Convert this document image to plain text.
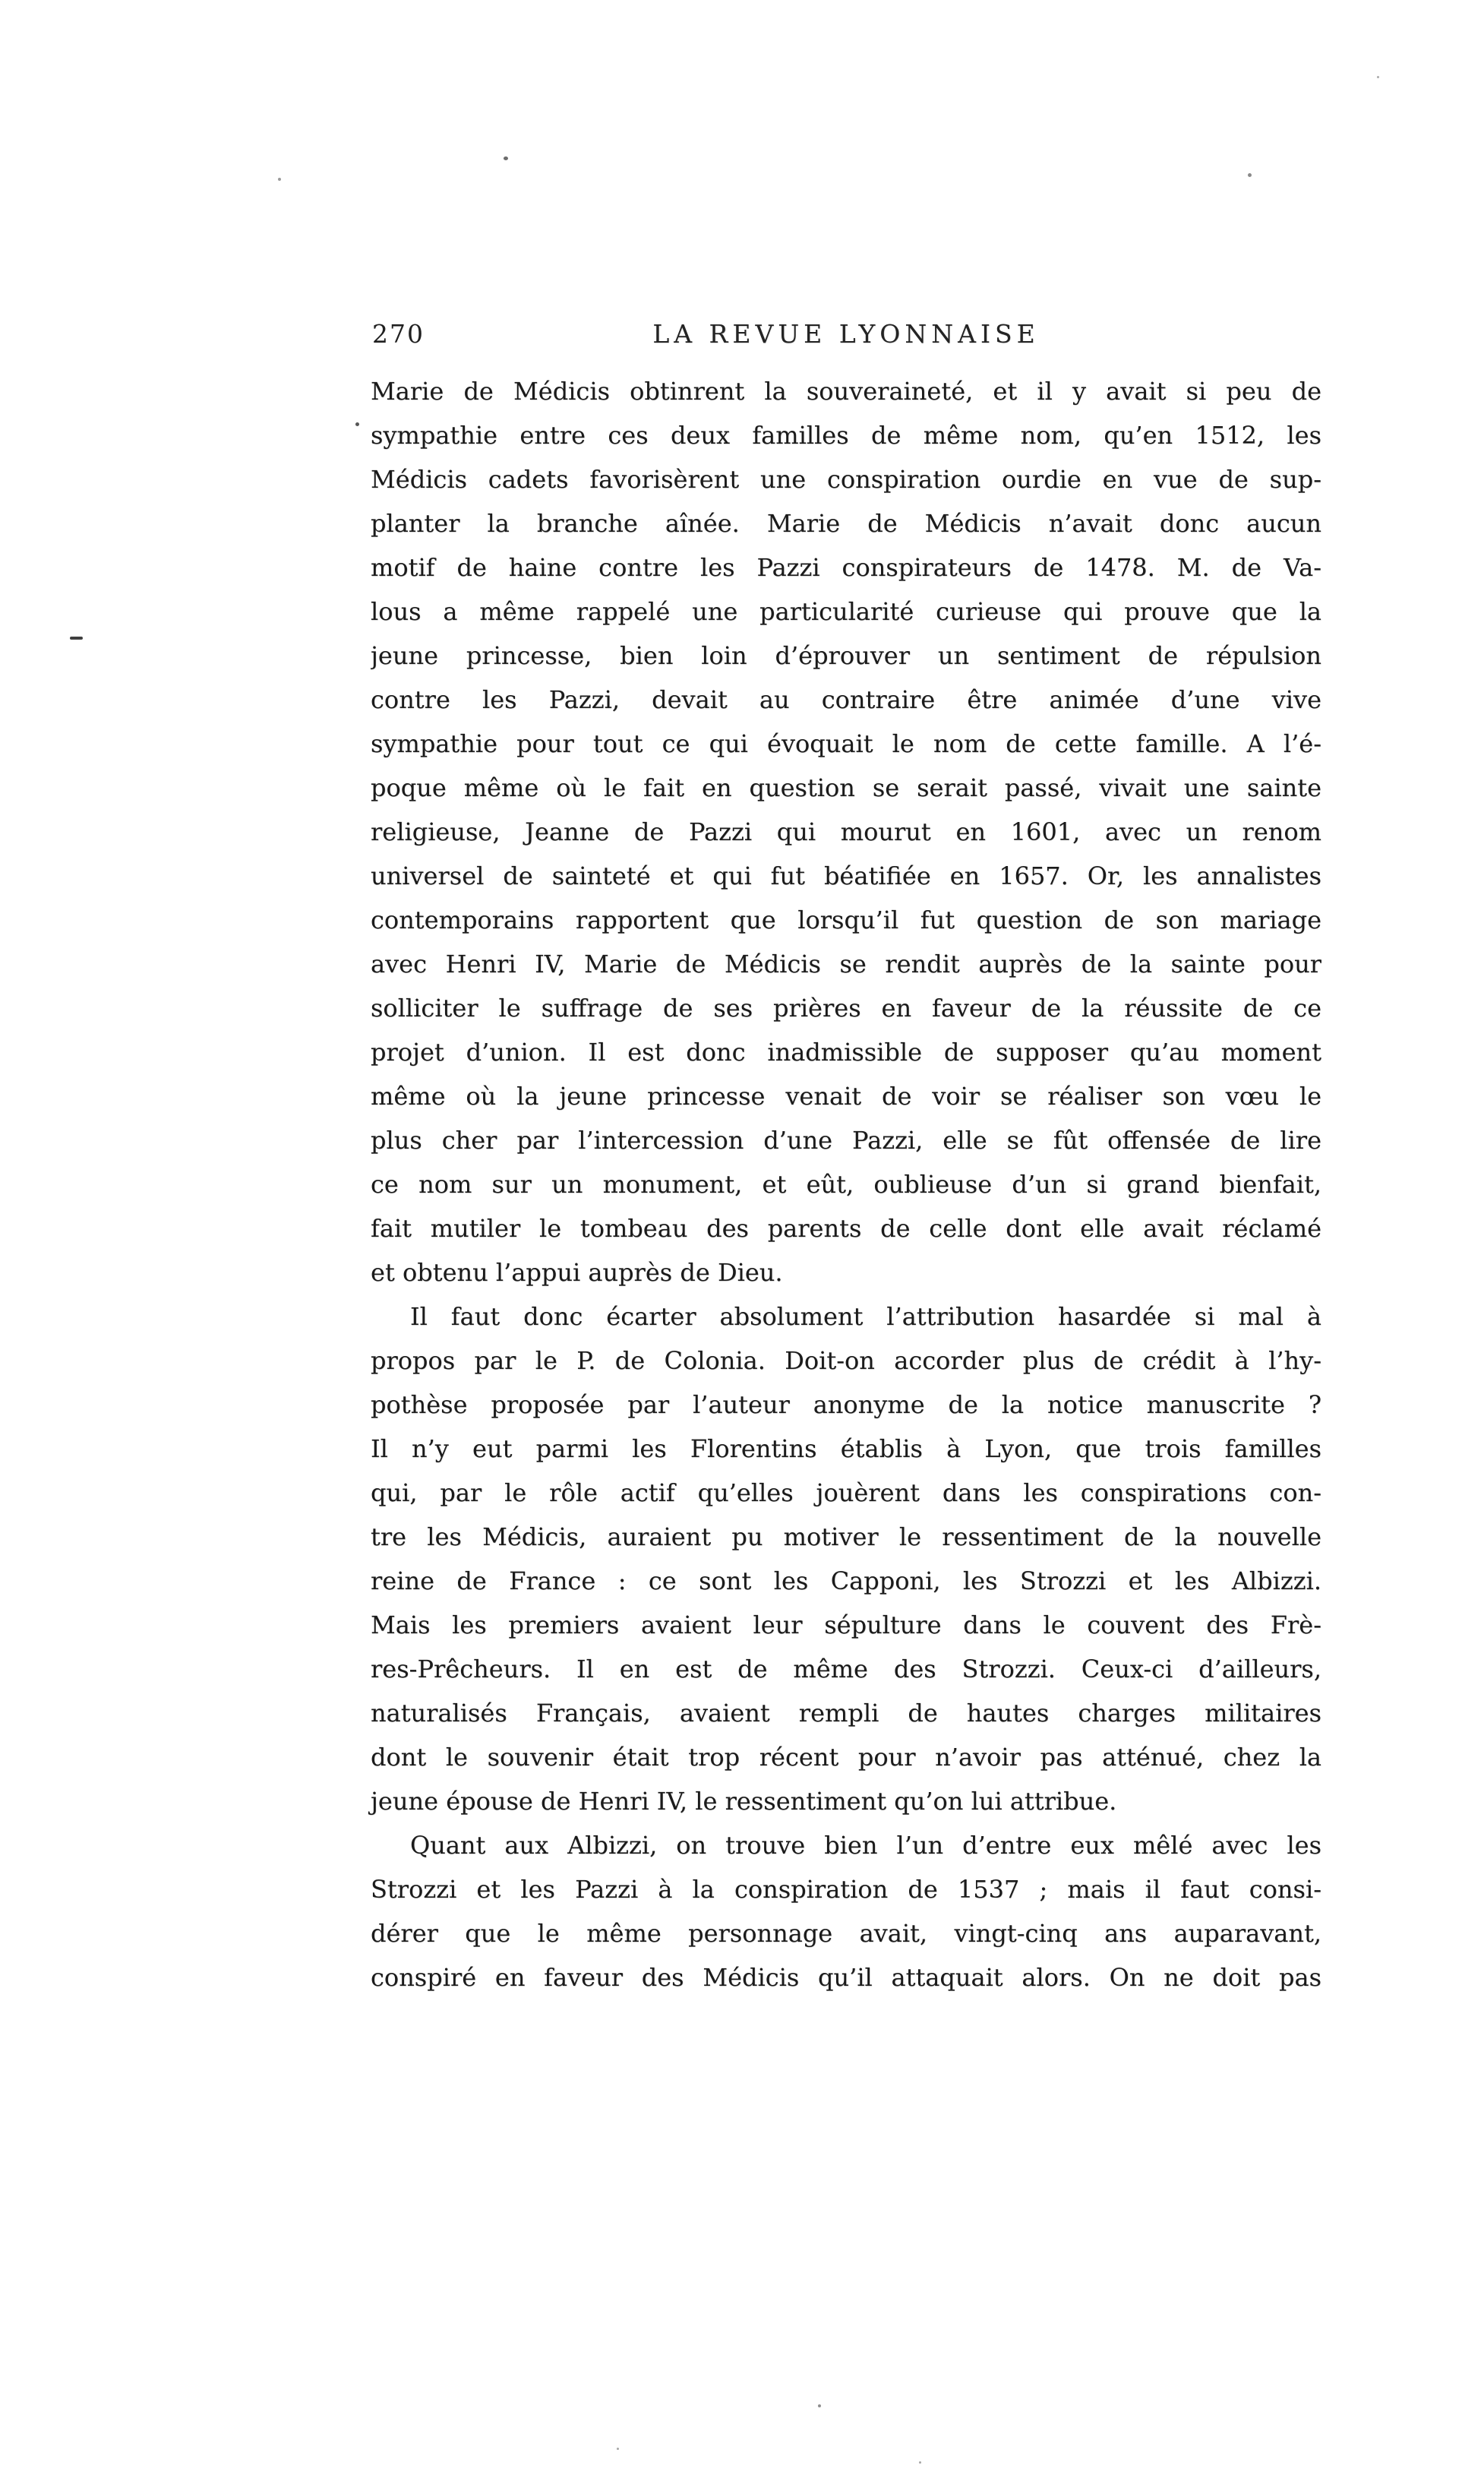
270	LA REVUE LYONNAISE
Marie de Médicis obtinrent la souveraineté, et il y avait si peu de
sympathie entre ces deux familles de même nom, qu’en 1512, les
Médicis cadets favorisèrent une conspiration ourdie en vue de sup-
planter la branche aînée. Marie de Médicis n’avait donc aucun
motif de haine contre les Pazzi conspirateurs de 1478. M. de Va-
lous a même rappelé une particularité curieuse qui prouve que la
jeune princesse, bien loin d’éprouver un sentiment de répulsion
contre les Pazzi, devait au contraire être animée d’une vive
sympathie pour tout ce qui évoquait le nom de cette famille. A l’é-
poque même où le fait en question se serait passé, vivait une sainte
religieuse, Jeanne de Pazzi qui mourut en 1601, avec un renom
universel de sainteté et qui fut béatifiée en 1657. Or, les annalistes
contemporains rapportent que lorsqu’il fut question de son mariage
avec Henri IV, Marie de Médicis se rendit auprès de la sainte pour
solliciter le suffrage de ses prières en faveur de la réussite de ce
projet d’union. Il est donc inadmissible de supposer qu’au moment
même où la jeune princesse venait de voir se réaliser son vœu le
plus cher par l’intercession d’une Pazzi, elle se fût offensée de lire
ce nom sur un monument, et eût, oublieuse d’un si grand bienfait,
fait mutiler le tombeau des parents de celle dont elle avait réclamé
et obtenu l’appui auprès de Dieu.
Il faut donc écarter absolument l’attribution hasardée si mal à
propos par le P. de Colonia. Doit-on accorder plus de crédit à l’hy-
pothèse proposée par l’auteur anonyme de la notice manuscrite ?
Il n’y eut parmi les Florentins établis à Lyon, que trois familles
qui, par le rôle actif qu’elles jouèrent dans les conspirations con-
tre les Médicis, auraient pu motiver le ressentiment de la nouvelle
reine de France : ce sont les Capponi, les Strozzi et les Albizzi.
Mais les premiers avaient leur sépulture dans le couvent des Frè-
res-Prêcheurs. Il en est de même des Strozzi. Ceux-ci d’ailleurs,
naturalisés Français, avaient rempli de hautes charges militaires
dont le souvenir était trop récent pour n’avoir pas atténué, chez la
jeune épouse de Henri IV, le ressentiment qu’on lui attribue.
Quant aux Albizzi, on trouve bien l’un d’entre eux mêlé avec les
Strozzi et les Pazzi à la conspiration de 1537 ; mais il faut consi-
dérer que le même personnage avait, vingt-cinq ans auparavant,
conspiré en faveur des Médicis qu’il attaquait alors. On ne doit pas
